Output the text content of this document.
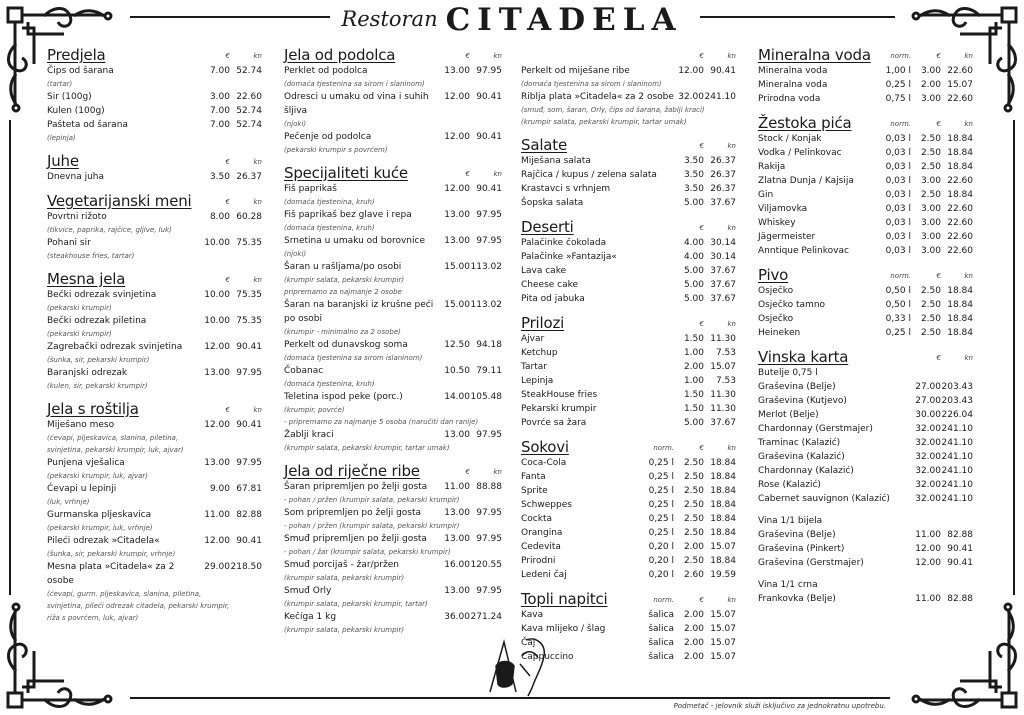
Restoran CITADELA
Predjela	€	kn
Čips od šarana	7.00 52.74
(tartar)
Sir (100g)	3.00 22.60
Kulen (100g)	7.00 52.74
Pašteta od šarana	7.00 52.74
(lepinja)
Juhe	€	kn
Dnevna juha	3.50 26.37
Vegetarijanski meni	€	kn
Povrtni rižoto	8.00 60.28
(tikvice, paprika, rajčice, gljive, luk)
Pohani sir	10.00 75.35
(steakhouse fries, tartar)
Mesna jela	€	kn
Bečki odrezak svinjetina	10.00 75.35
(pekarski krumpir)
Bečki odrezak piletina	10.00 75.35
(pekarski krumpir)
Zagrebački odrezak svinjetina	12.00 90.41
(šunka, sir, pekarski krumpir)
Baranjski odrezak	13.00 97.95
(kulen, sir, pekarski krumpir)
Jela s roštilja	€	kn
Miješano meso	12.00 90.41
(ćevapi, pljeskavica, slanina, piletina,
svinjetina, pekarski krumpir, luk, ajvar)
Punjena vješalica	13.00 97.95
(pekarski krumpir, luk, ajvar)
Ćevapi u lepinji	9.00 67.81
(luk, vrhnje)
Gurmanska pljeskavica	11.00 82.88
(pekarski krumpir, luk, vrhnje)
Pileći odrezak »Citadela«	12.00 90.41
(šunka, sir, pekarski krumpir, vrhnje)
Mesna plata »Citadela« za 2 osobe
29.00 218.50
(ćevapi, gurm. pljeskavica, slanina, piletina,
svinjetina, pileći odrezak citadela, pekarski krumpir,
riža s povrćem, luk, ajvar)
Jela od podolca	€	kn
Perklet od podolca	13.00 97.95
(domaća tjestenina sa sirom i slaninom)
Odresci u umaku od vina i suhih šljiva
12.00 90.41
(njoki)
Pečenje od podolca	12.00 90.41
(pekarski krumpir s povrćem)
Specijaliteti kuće	€	kn
Fiš paprikaš	12.00 90.41
(domaća tjestenina, kruh)
Fiš paprikaš bez glave i repa	13.00 97.95
(domaća tjestenina, kruh)
Srnetina u umaku od borovnice	13.00 97.95
(njoki)
Šaran u rašljama/po osobi	15.00 113.02
(krumpir salata, pekarski krumpir)
pripremamo za najmanje 2 osobe
Šaran na baranjski iz krušne peći po osobi
15.00 113.02
(krumpir - minimalno za 2 osobe)
Perkelt od dunavskog soma	12.50 94.18
(domaća tjestenina sa sirom islaninom)
Čobanac	10.50 79.11
(domaća tjestenina, kruh)
Teletina ispod peke (porc.)	14.00 105.48
(krumpir, povrće)
- pripremamo za najmanje 5 osoba (naručiti dan ranije)
Žablji kraci	13.00 97.95
(krumpir salata, pekarski krumpir, tartar umak)
Jela od riječne ribe	€	kn
Šaran pripremljen po želji gosta	11.00 88.88
- pohan / pržen (krumpir salata, pekarski krumpir)
Som pripremljen po želji gosta	13.00 97.95
- pohan / pržen (krumpir salata, pekarski krumpir)
Smuđ pripremljen po želji gosta	13.00 97.95
- pohan / žar (krumpir salata, pekarski krumpir)
Smuđ porcijaš - žar/pržen	16.00 120.55
(krumpir salata, pekarski krumpir)
Smuđ Orly	13.00 97.95
(krumpir salata, pekarski krumpir, tartar)
Kečiga 1 kg	36.00 271.24
(krumpir salata, pekarski krumpir)
€	kn
Perkelt od miješane ribe	12.00 90.41
(domaća tjestenina sa sirom i slaninom)
Riblja plata »Citadela« za 2 osobe 32.00 241.10
(smuđ, som, šaran, Orly, čips od šarana, žablji kraci)
(krumpir salata, pekarski krumpir, tartar umak)
Salate	€	kn
Miješana salata	3.50 26.37
Rajčica / kupus / zelena salata	3.50 26.37
Krastavci s vrhnjem	3.50 26.37
Šopska salata	5.00 37.67
Deserti	€	kn
Palačinke čokolada	4.00 30.14
Palačinke »Fantazija«	4.00 30.14
Lava cake	5.00 37.67
Cheese cake	5.00 37.67
Pita od jabuka	5.00 37.67
Prilozi	€	kn
Ajvar	1.50 11.30
Ketchup	1.00	7.53
Tartar	2.00 15.07
Lepinja	1.00	7.53
SteakHouse fries	1.50 11.30
Pekarski krumpir	1.50 11.30
Povrće sa žara	5.00 37.67
Sokovi	norm.	€	kn
Coca-Cola	0,25 l	2.50 18.84
Fanta	0,25 l	2.50 18.84
Sprite	0,25 l	2.50 18.84
Schweppes	0,25 l	2.50 18.84
Cockta	0,25 l	2.50 18.84
Orangina	0,25 l	2.50 18.84
Cedevita	0,20 l	2.00 15.07
Prirodni	0,20 l	2.50 18.84
Ledeni čaj	0,20 l	2.60 19.59
Topli napitci	norm.	€	kn
Kava	šalica	2.00 15.07
Kava mlijeko / šlag	šalica	2.00 15.07
Čaj	šalica	2.00 15.07
Cappuccino	šalica	2.00 15.07
Mineralna voda	norm.	€	kn
Mineralna voda	1,00 l	3.00 22.60
Mineralna voda	0,25 l	2.00 15.07
Prirodna voda	0,75 l	3.00 22.60
Žestoka pića	norm.	€	kn
Stock / Konjak	0,03 l	2.50 18.84
Vodka / Pelinkovac	0,03 l	2.50 18.84
Rakija	0,03 l	2.50 18.84
Zlatna Dunja / Kajsija	0,03 l	3.00 22.60
Gin	0,03 l	2.50 18.84
Viljamovka	0,03 l	3.00 22.60
Whiskey	0,03 l	3.00 22.60
Jägermeister	0,03 l	3.00 22.60
Anntique Pelinkovac	0,03 l	3.00 22.60
Pivo	norm.	€	kn
Osječko	0,50 l	2.50 18.84
Osječko tamno	0,50 l	2.50 18.84
Osječko	0,33 l	2.50 18.84
Heineken	0,25 l	2.50 18.84
Vinska karta	€	kn
Butelje 0,75 l
Graševina (Belje)	27.00 203.43
Graševina (Kutjevo)	27.00 203.43
Merlot (Belje)	30.00 226.04
Chardonnay (Gerstmajer)	32.00 241.10
Traminac (Kalazić)	32.00 241.10
Graševina (Kalazić)	32.00 241.10
Chardonnay (Kalazić)	32.00 241.10
Rose (Kalazić)	32.00 241.10
Cabernet sauvignon (Kalazić)	32.00 241.10
Vina 1/1 bijela
Graševina (Belje)	11.00 82.88
Graševina (Pinkert)	12.00 90.41
Graševina (Gerstmajer)	12.00 90.41
Vina 1/1 crna
Frankovka (Belje)	11.00 82.88
Podmetač - jelovnik služi isključivo za jednokratnu upotrebu.
